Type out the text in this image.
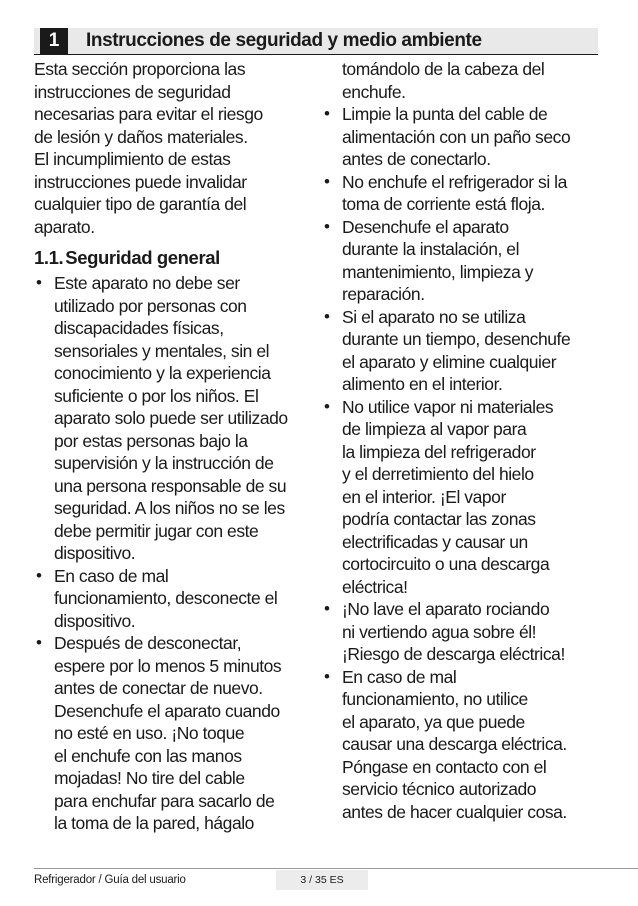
1	Instrucciones de seguridad y medio ambiente

Esta sección proporciona las
instrucciones de seguridad
necesarias para evitar el riesgo
de lesión y daños materiales.
El incumplimiento de estas
instrucciones puede invalidar
cualquier tipo de garantía del
aparato.

1.1. Seguridad general
• Este aparato no debe ser
utilizado por personas con
discapacidades físicas,
sensoriales y mentales, sin el
conocimiento y la experiencia
suficiente o por los niños. El
aparato solo puede ser utilizado
por estas personas bajo la
supervisión y la instrucción de
una persona responsable de su
seguridad. A los niños no se les
debe permitir jugar con este
dispositivo.
• En caso de mal
funcionamiento, desconecte el
dispositivo.
• Después de desconectar,
espere por lo menos 5 minutos
antes de conectar de nuevo.
Desenchufe el aparato cuando
no esté en uso. ¡No toque
el enchufe con las manos
mojadas! No tire del cable
para enchufar para sacarlo de
la toma de la pared, hágalo
tomándolo de la cabeza del
enchufe.
• Limpie la punta del cable de
alimentación con un paño seco
antes de conectarlo.
• No enchufe el refrigerador si la
toma de corriente está floja.
• Desenchufe el aparato
durante la instalación, el
mantenimiento, limpieza y
reparación.
• Si el aparato no se utiliza
durante un tiempo, desenchufe
el aparato y elimine cualquier
alimento en el interior.
• No utilice vapor ni materiales
de limpieza al vapor para
la limpieza del refrigerador
y el derretimiento del hielo
en el interior. ¡El vapor
podría contactar las zonas
electrificadas y causar un
cortocircuito o una descarga
eléctrica!
• ¡No lave el aparato rociando
ni vertiendo agua sobre él!
¡Riesgo de descarga eléctrica!
• En caso de mal
funcionamiento, no utilice
el aparato, ya que puede
causar una descarga eléctrica.
Póngase en contacto con el
servicio técnico autorizado
antes de hacer cualquier cosa.
Refrigerador / Guía del usuario	3 / 35 ES
